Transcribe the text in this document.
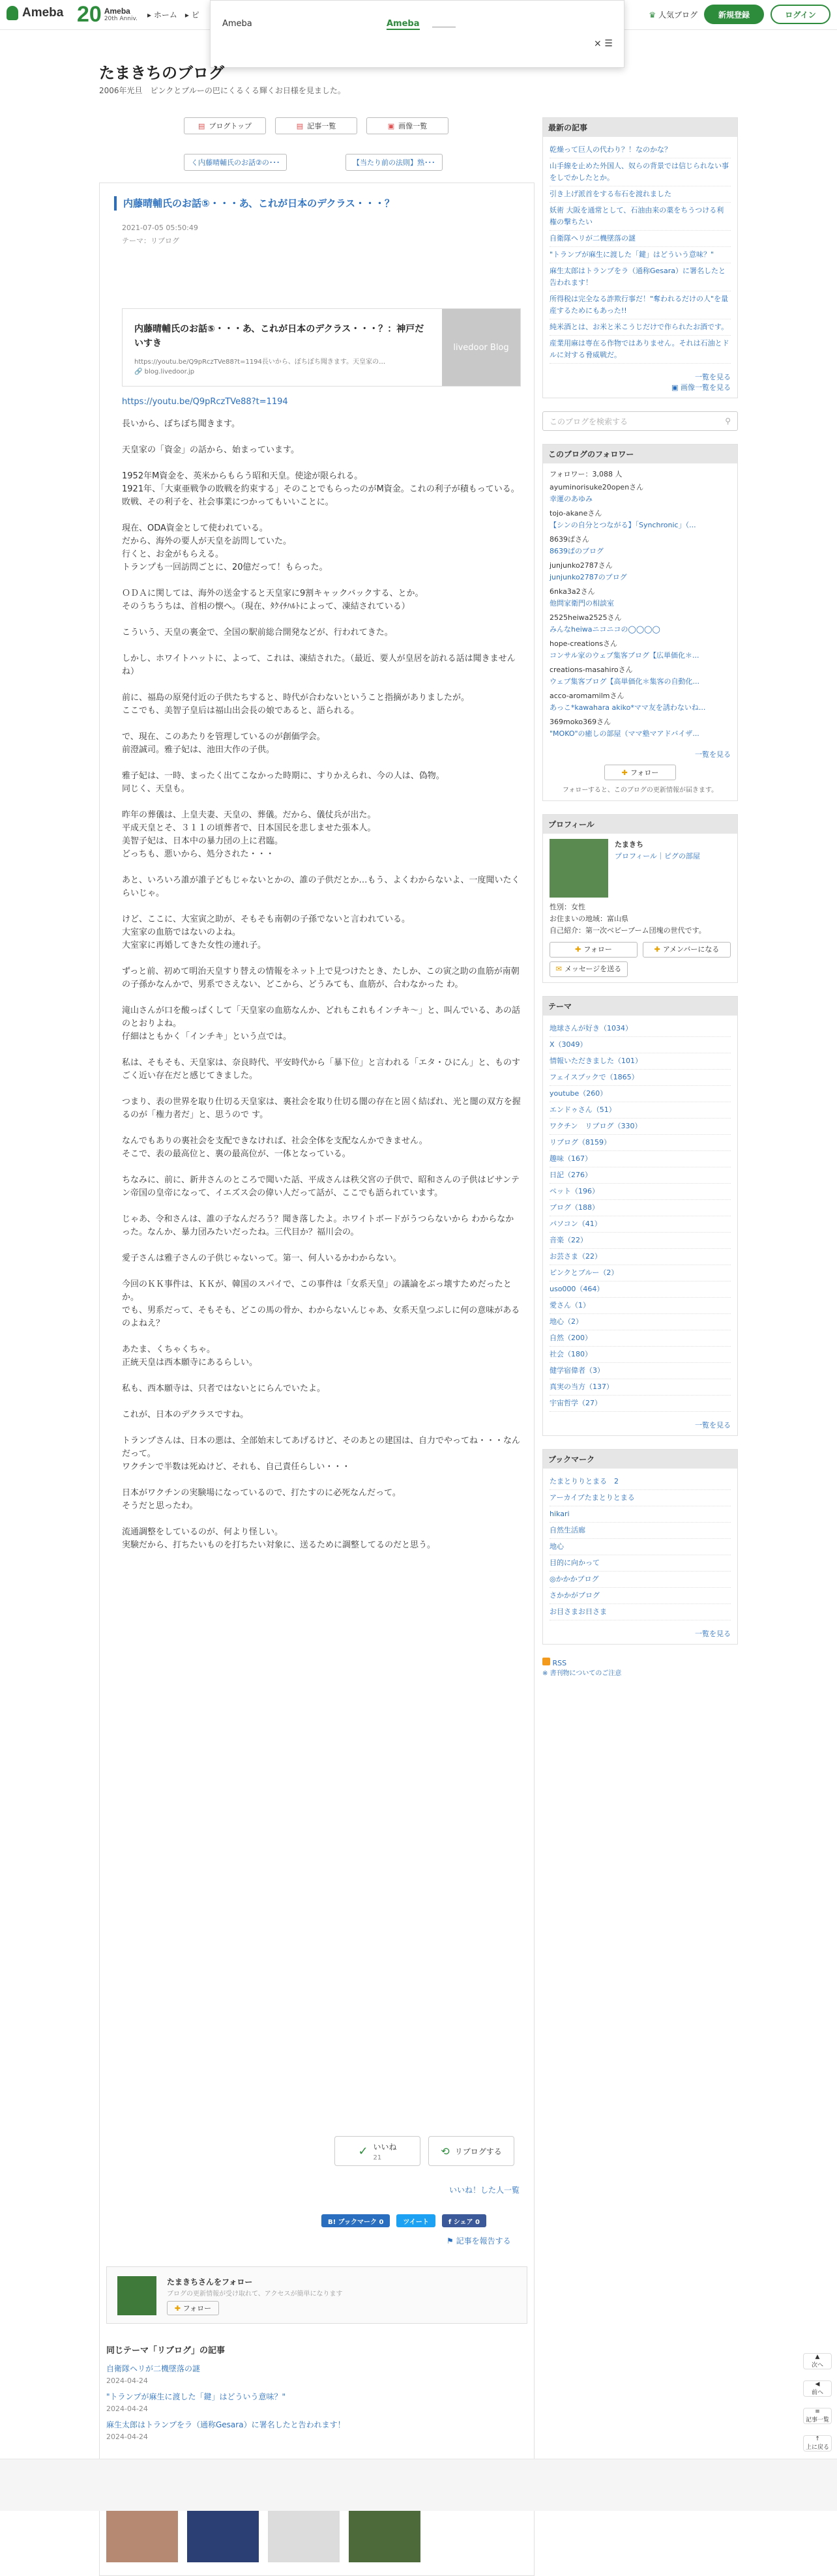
Ameba 20 Ameba
20th Anniv. ▸ ホーム ▸ ピ	♛ 人気ブログ	新規登録	ログイン
Ameba	Ameba
× ☰
たまきちのブログ
2006年光旦　ピンクとブルーの巴にくるくる輝くお日様を見ました。
▤ ブログトップ	▤ 記事一覧	▣ 画像一覧
く内藤晴輔氏のお話②の･･･	【当たり前の法則】熟･･･
内藤晴輔氏のお話⑤・・・あ、これが日本のデクラス・・・？
2021-07-05 05:50:49
テーマ：リブログ
内藤晴輔氏のお話⑤・・・あ、これが日本のデクラス・・・？：神戸だいすき
https://youtu.be/Q9pRczTVe88?t=1194長いから、ぼちぼち聞きます。天皇家の…
🔗 blog.livedoor.jp
livedoor Blog
https://youtu.be/Q9pRczTVe88?t=1194

長いから、ぼちぼち聞きます。

天皇家の「資金」の話から、始まっています。

1952年M資金を、英米からもらう昭和天皇。使途が限られる。
1921年、「大東亜戦争の敗戦を約束する」そのことでもらったのがM資金。これの利子が積もっている。
敗戦、その利子を、社会事業につかってもいいことに。

現在、ODA資金として使われている。
だから、海外の要人が天皇を訪問していた。
行くと、お金がもらえる。
トランプも一回訪問ごとに、20億だって！もらった。

ＯＤＡに関しては、海外の送金すると天皇家に9割キャックバックする、とか。
そのうちうちは、首相の懐へ。（現在、ﾀｸｲﾁﾊﾙﾄによって、凍結されている）

こういう、天皇の裏金で、全国の駅前総合開発などが、行われてきた。

しかし、ホワイトハットに、よって、これは、凍結された。（最近、要人が皇居を訪れる話は聞きませんね）

前に、福島の原発付近の子供たちすると、時代が合わないということ指摘がありましたが。
ここでも、美智子皇后は福山出会長の娘であると、語られる。

で、現在、このあたりを管理しているのが創価学会。
前澄誠司。雅子妃は、池田大作の子供。

雅子妃は、一時、まったく出てこなかった時期に、すりかえられ、今の人は、偽物。
同じく、天皇も。

昨年の葬儀は、上皇夫妻、天皇の、葬儀。だから、儀仗兵が出た。
平成天皇とそ、３１１の頃葬者で、日本国民を悲しませた張本人。
美智子妃は、日本中の暴力団の上に君臨。
どっちも、悪いから、処分された・・・

あと、いろいろ誰が誰子どもじゃないとかの、誰の子供だとか…もう、よくわからないよ、一度聞いたくらいじゃ。

けど、ここに、大室寅之助が、そもそも南朝の子孫でないと言われている。
大室家の血筋ではないのよね。
大室家に再婚してきた女性の連れ子。

ずっと前、初めて明治天皇すり替えの情報をネット上で見つけたとき、たしか、この寅之助の血筋が南朝の子孫かなんかで、男系でさえない、どこから、どうみても、血筋が、合わなかった わ。

滝山さんが口を酸っぱくして「天皇家の血筋なんか、どれもこれもインチキ～」と、叫んでいる、あの話のとおりよね。
仔細はともかく「インチキ」という点では。

私は、そもそも、天皇家は、奈良時代、平安時代から「暴下位」と言われる「エタ・ひにん」と、ものすごく近い存在だと感じてきました。

つまり、表の世界を取り仕切る天皇家は、裏社会を取り仕切る闇の存在と固く結ばれ、光と闇の双方を握るのが「権力者だ」と、思うので す。

なんでもありの裏社会を支配できなければ、社会全体を支配なんかできません。
そこで、表の最高位と、裏の最高位が、一体となっている。

ちなみに、前に、新井さんのところで聞いた話、平成さんは秩父宮の子供で、昭和さんの子供はビサンテン帝国の皇帝になって、イエズス会の偉い人だって話が、ここでも語られています。

じゃあ、令和さんは、誰の子なんだろう？聞き落したよ。ホワイトボードがうつらないから わからなかった。なんか、暴力団みたいだったね。三代目か？福川会の。

愛子さんは雅子さんの子供じゃないって。第一、何人いるかわからない。

今回のＫＫ事件は、ＫＫが、韓国のスパイで、この事件は「女系天皇」の議論をぶっ壊すためだったとか。
でも、男系だって、そもそも、どこの馬の骨か、わからないんじゃあ、女系天皇つぶしに何の意味があるのよねえ？

あたま、くちゃくちゃ。
正統天皇は西本願寺にあるらしい。

私も、西本願寺は、只者ではないとにらんでいたよ。

これが、日本のデクラスですね。

トランプさんは、日本の悪は、全部始末してあげるけど、そのあとの建国は、自力でやってね・・・なんだって。
ワクチンで半数は死ぬけど、それも、自己責任らしい・・・

日本がワクチンの実験場になっているので、打たすのに必死なんだって。
そうだと思ったわ。

流通調整をしているのが、何より怪しい。
実験だから、打ちたいものを打ちたい対象に、送るために調整してるのだと思う。

✓ いいね
21
⟲ リブログする
いいね！した人一覧
B! ブックマーク 0	ツイート	f シェア 0
⚑ 記事を報告する
たまきちさんをフォロー
ブログの更新情報が受け取れて、アクセスが簡単になります
✚
フォロー
同じテーマ「リブログ」の記事
自衛隊ヘリが二機墜落の謎
2024-04-24
"トランプが麻生に渡した「鍵」はどういう意味？"
2024-04-24
麻生太郎はトランプをラ（通称Gesara）に署名したと告われます！
2024-04-24
最新の記事
乾燥って巨人の代わり？！なのかな？
山手線を止めた外国人、奴らの背景では信じられない事をしでかしたとか。
引き上げ派首をする布石を渡れました
妖術 大阪を通常として、石油由来の薬をちうつける利権の撃ちたい
自衛隊ヘリが二機墜落の謎
"トランプが麻生に渡した「鍵」はどういう意味？"
麻生太郎はトランプをラ（通称Gesara）に署名したと告われます！
所得税は完全なる詐欺行事だ！"奪われるだけの人"を量産するためにもあった!!
純米酒とは、お米と米こうじだけで作られたお酒です。
産業用麻は専在る作物ではありません。それは石油とドルに対する脅威戦だ。
一覧を見る
▣ 画像一覧を見る
このブログを検索する	⚲
このブログのフォロワー
フォロワー：3,088 人
ayuminorisuke20openさん
幸運のあゆみ
tojo-akaneさん
【シンの自分とつながる】「Synchronic」（...
8639ぱさん
8639ぱのブログ
junjunko2787さん
junjunko2787のブログ
6nka3a2さん
他問家衛門の相談室
2525heiwa2525さん
みんなheiwaニコニコの◯◯◯◯
hope-creationsさん
コンサル家のウェブ集客ブログ【広単価化＊...
creations-masahiroさん
ウェブ集客ブログ【高単価化＊集客の自動化...
acco-aromamilmさん
あっこ*kawahara akiko*ママ友を誘わないね...
369moko369さん
"MOKO"の癒しの部屋（ママ塾マアドバイザ...
一覧を見る
✚ フォロー
フォローすると、このブログの更新情報が届きます。
プロフィール
たまきち
プロフィール｜ピグの部屋
性別：女性
お住まいの地域：富山県
自己紹介：第一次ベビーブーム団塊の世代です。
✚ フォロー	✚ アメンバーになる
✉ メッセージを送る
テーマ
地球さんが好き（1034）
X（3049）
情報いただきました（101）
フェイスブックで（1865）
youtube（260）
エンドゥさん（51）
ワクチン　リブログ（330）
リブログ（8159）
趣味（167）
日記（276）
ペット（196）
ブログ（188）
パソコン（41）
音楽（22）
お芸さま（22）
ピンクとブルー（2）
uso000（464）
愛さん（1）
地心（2）
自然（200）
社会（180）
健学宿偉者（3）
真実の当方（137）
宇宙哲学（27）
一覧を見る
ブックマーク
たまとりりとまる　2
アーカイブたまとりとまる
hikari
自然生活廊
地心
目的に向かって
◎かかかブログ
さかかがブログ
お目さまお日さま
一覧を見る
RSS
※ 書刊物についてのご注意
▲
次へ
◀
前へ
≡
記事一覧
↑
上に戻る
